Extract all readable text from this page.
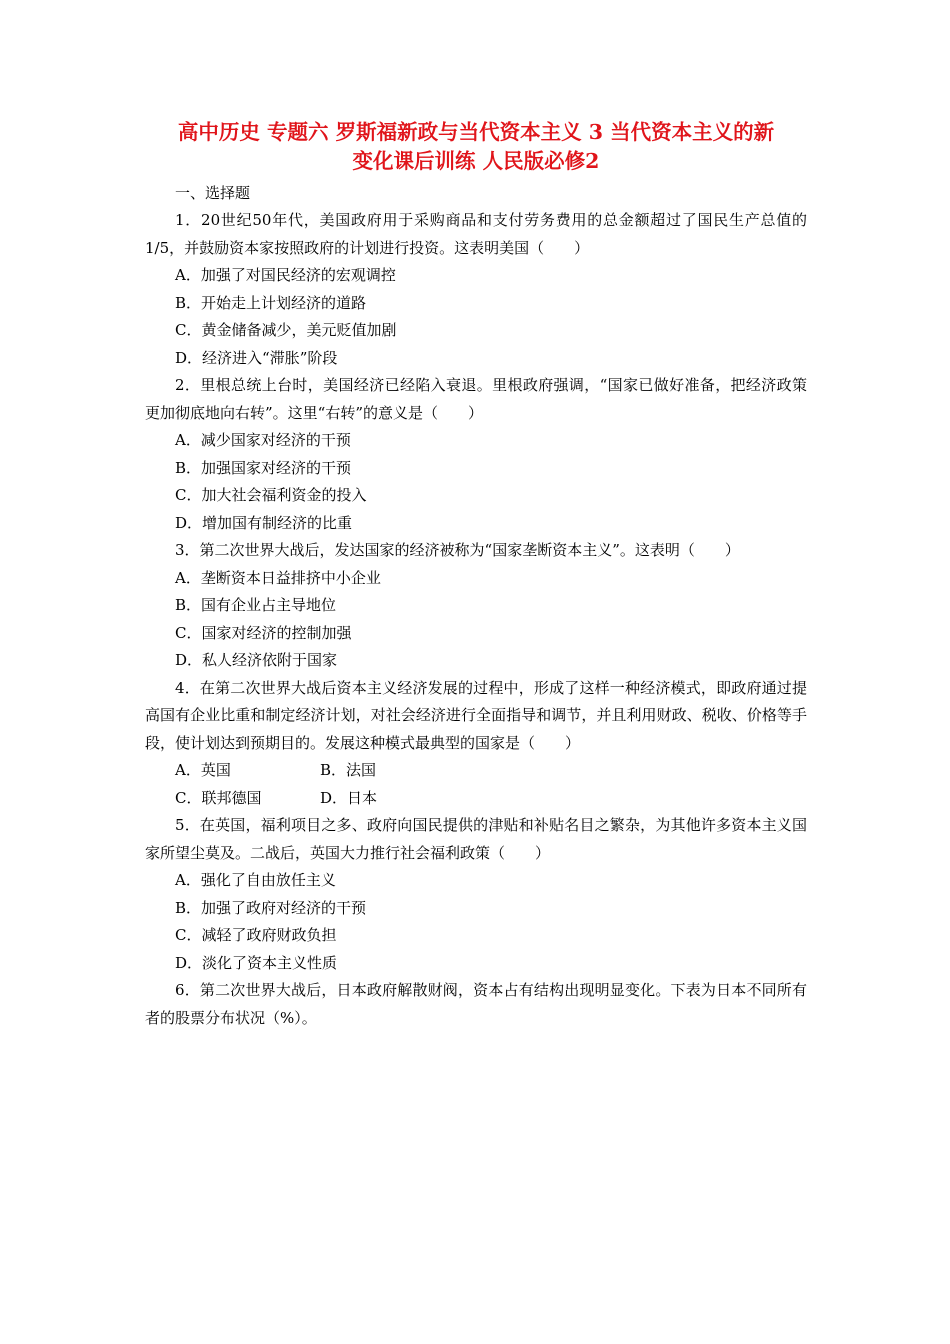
高中历史 专题六 罗斯福新政与当代资本主义 3 当代资本主义的新
变化课后训练 人民版必修2

一、选择题

1．20世纪50年代，美国政府用于采购商品和支付劳务费用的总金额超过了国民生产总值的1/5，并鼓励资本家按照政府的计划进行投资。这表明美国（　　）

A．加强了对国民经济的宏观调控

B．开始走上计划经济的道路

C．黄金储备减少，美元贬值加剧

D．经济进入“滞胀”阶段

2．里根总统上台时，美国经济已经陷入衰退。里根政府强调，“国家已做好准备，把经济政策更加彻底地向右转”。这里“右转”的意义是（　　）

A．减少国家对经济的干预

B．加强国家对经济的干预

C．加大社会福利资金的投入

D．增加国有制经济的比重

3．第二次世界大战后，发达国家的经济被称为“国家垄断资本主义”。这表明（　　）

A．垄断资本日益排挤中小企业

B．国有企业占主导地位

C．国家对经济的控制加强

D．私人经济依附于国家

4．在第二次世界大战后资本主义经济发展的过程中，形成了这样一种经济模式，即政府通过提高国有企业比重和制定经济计划，对社会经济进行全面指导和调节，并且利用财政、税收、价格等手段，使计划达到预期目的。发展这种模式最典型的国家是（　　）

A．英国	B．法国

C．联邦德国	D．日本

5．在英国，福利项目之多、政府向国民提供的津贴和补贴名目之繁杂，为其他许多资本主义国家所望尘莫及。二战后，英国大力推行社会福利政策（　　）

A．强化了自由放任主义

B．加强了政府对经济的干预

C．减轻了政府财政负担

D．淡化了资本主义性质

6．第二次世界大战后，日本政府解散财阀，资本占有结构出现明显变化。下表为日本不同所有者的股票分布状况（%）。
